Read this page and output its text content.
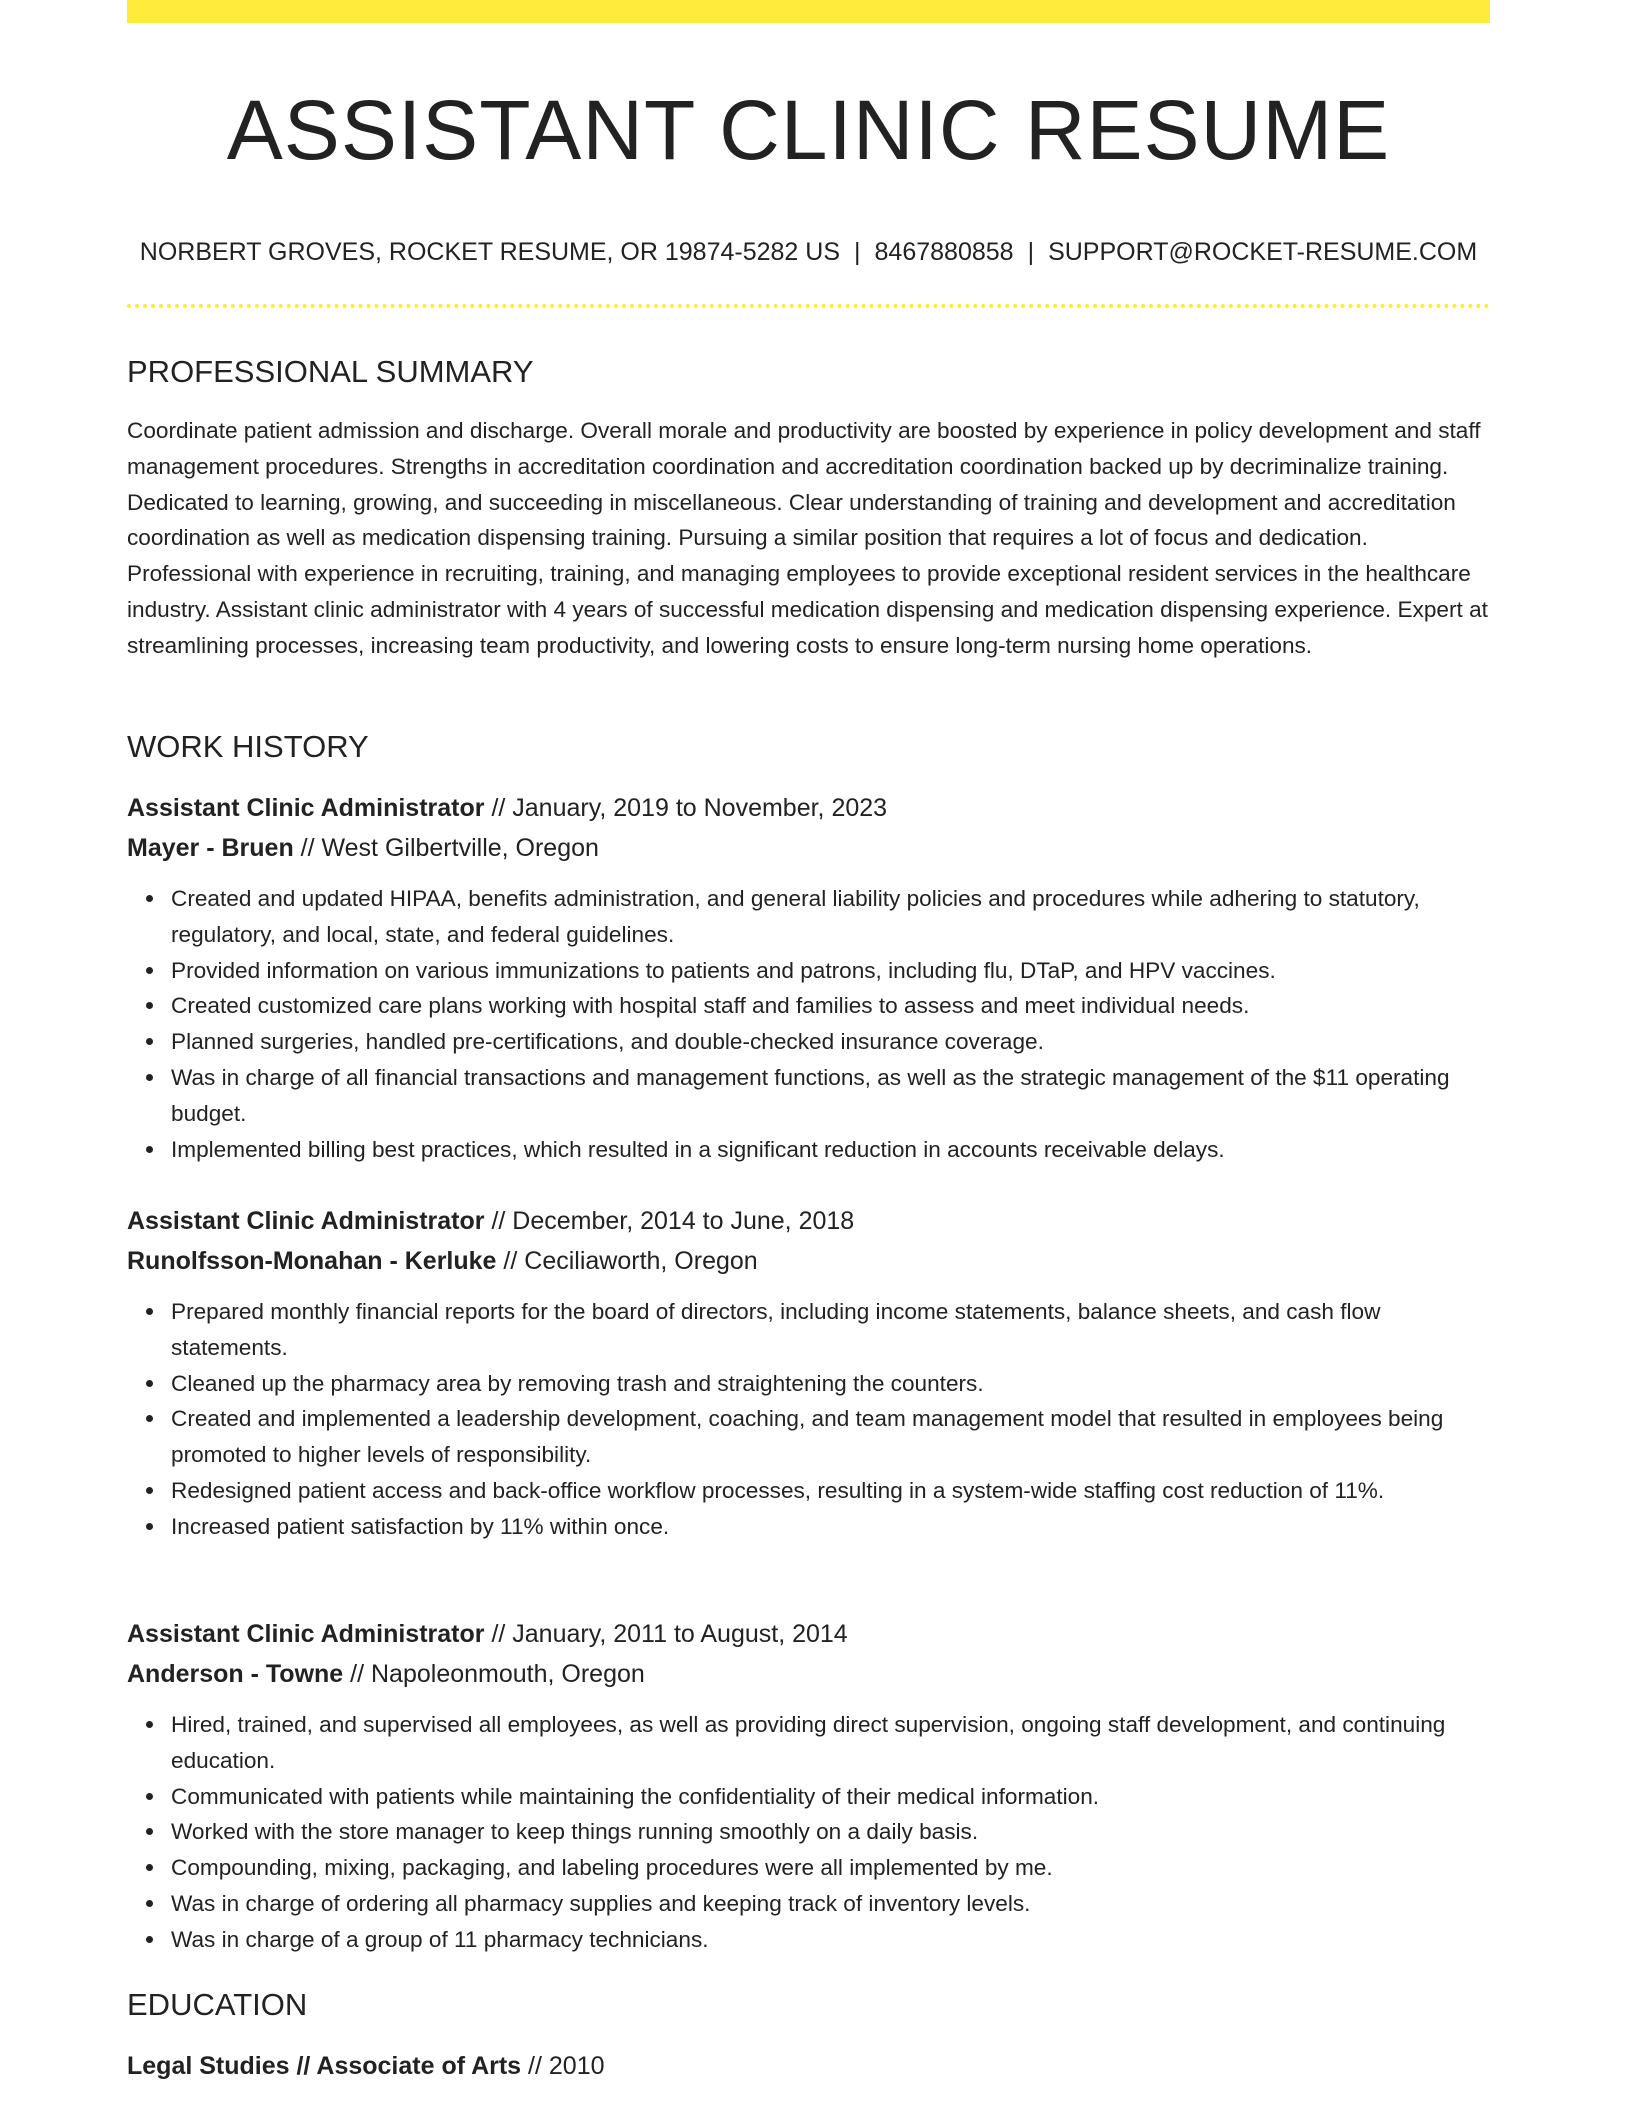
ASSISTANT CLINIC RESUME
NORBERT GROVES, ROCKET RESUME, OR 19874-5282 US | 8467880858 | SUPPORT@ROCKET-RESUME.COM
PROFESSIONAL SUMMARY

Coordinate patient admission and discharge. Overall morale and productivity are boosted by experience in policy development and staff management procedures. Strengths in accreditation coordination and accreditation coordination backed up by decriminalize training. Dedicated to learning, growing, and succeeding in miscellaneous. Clear understanding of training and development and accreditation coordination as well as medication dispensing training. Pursuing a similar position that requires a lot of focus and dedication. Professional with experience in recruiting, training, and managing employees to provide exceptional resident services in the healthcare industry. Assistant clinic administrator with 4 years of successful medication dispensing and medication dispensing experience. Expert at streamlining processes, increasing team productivity, and lowering costs to ensure long-term nursing home operations.

WORK HISTORY
Assistant Clinic Administrator // January, 2019 to November, 2023
Mayer - Bruen // West Gilbertville, Oregon
Created and updated HIPAA, benefits administration, and general liability policies and procedures while adhering to statutory, regulatory, and local, state, and federal guidelines.
Provided information on various immunizations to patients and patrons, including flu, DTaP, and HPV vaccines.
Created customized care plans working with hospital staff and families to assess and meet individual needs.
Planned surgeries, handled pre-certifications, and double-checked insurance coverage.
Was in charge of all financial transactions and management functions, as well as the strategic management of the $11 operating budget.
Implemented billing best practices, which resulted in a significant reduction in accounts receivable delays.
Assistant Clinic Administrator // December, 2014 to June, 2018
Runolfsson-Monahan - Kerluke // Ceciliaworth, Oregon
Prepared monthly financial reports for the board of directors, including income statements, balance sheets, and cash flow statements.
Cleaned up the pharmacy area by removing trash and straightening the counters.
Created and implemented a leadership development, coaching, and team management model that resulted in employees being promoted to higher levels of responsibility.
Redesigned patient access and back-office workflow processes, resulting in a system-wide staffing cost reduction of 11%.
Increased patient satisfaction by 11% within once.
Assistant Clinic Administrator // January, 2011 to August, 2014
Anderson - Towne // Napoleonmouth, Oregon
Hired, trained, and supervised all employees, as well as providing direct supervision, ongoing staff development, and continuing education.
Communicated with patients while maintaining the confidentiality of their medical information.
Worked with the store manager to keep things running smoothly on a daily basis.
Compounding, mixing, packaging, and labeling procedures were all implemented by me.
Was in charge of ordering all pharmacy supplies and keeping track of inventory levels.
Was in charge of a group of 11 pharmacy technicians.
EDUCATION
Legal Studies // Associate of Arts // 2010
